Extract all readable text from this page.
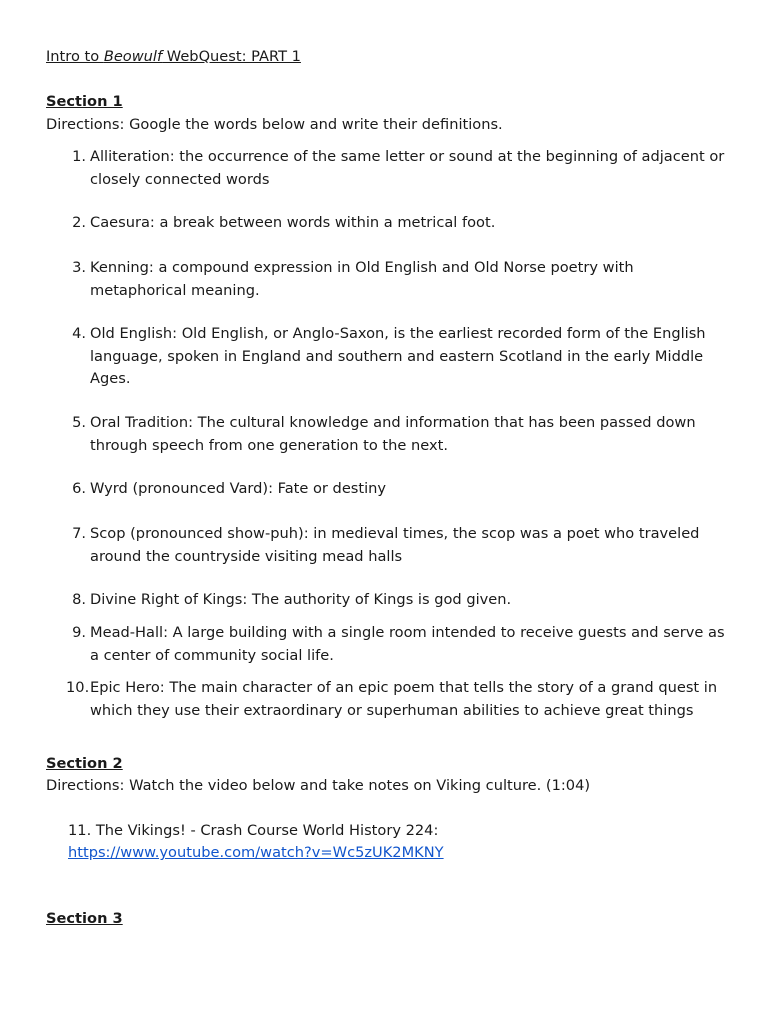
Intro to Beowulf WebQuest: PART 1
Section 1
Directions: Google the words below and write their definitions.
1. Alliteration: the occurrence of the same letter or sound at the beginning of adjacent or closely connected words
2. Caesura: a break between words within a metrical foot.
3. Kenning: a compound expression in Old English and Old Norse poetry with metaphorical meaning.
4. Old English: Old English, or Anglo-Saxon, is the earliest recorded form of the English language, spoken in England and southern and eastern Scotland in the early Middle Ages.
5. Oral Tradition: The cultural knowledge and information that has been passed down through speech from one generation to the next.
6. Wyrd (pronounced Vard): Fate or destiny
7. Scop (pronounced show-puh): in medieval times, the scop was a poet who traveled around the countryside visiting mead halls
8. Divine Right of Kings: The authority of Kings is god given.
9. Mead-Hall: A large building with a single room intended to receive guests and serve as a center of community social life.
10. Epic Hero: The main character of an epic poem that tells the story of a grand quest in which they use their extraordinary or superhuman abilities to achieve great things
Section 2
Directions: Watch the video below and take notes on Viking culture. (1:04)
11. The Vikings! - Crash Course World History 224:
https://www.youtube.com/watch?v=Wc5zUK2MKNY
Section 3
